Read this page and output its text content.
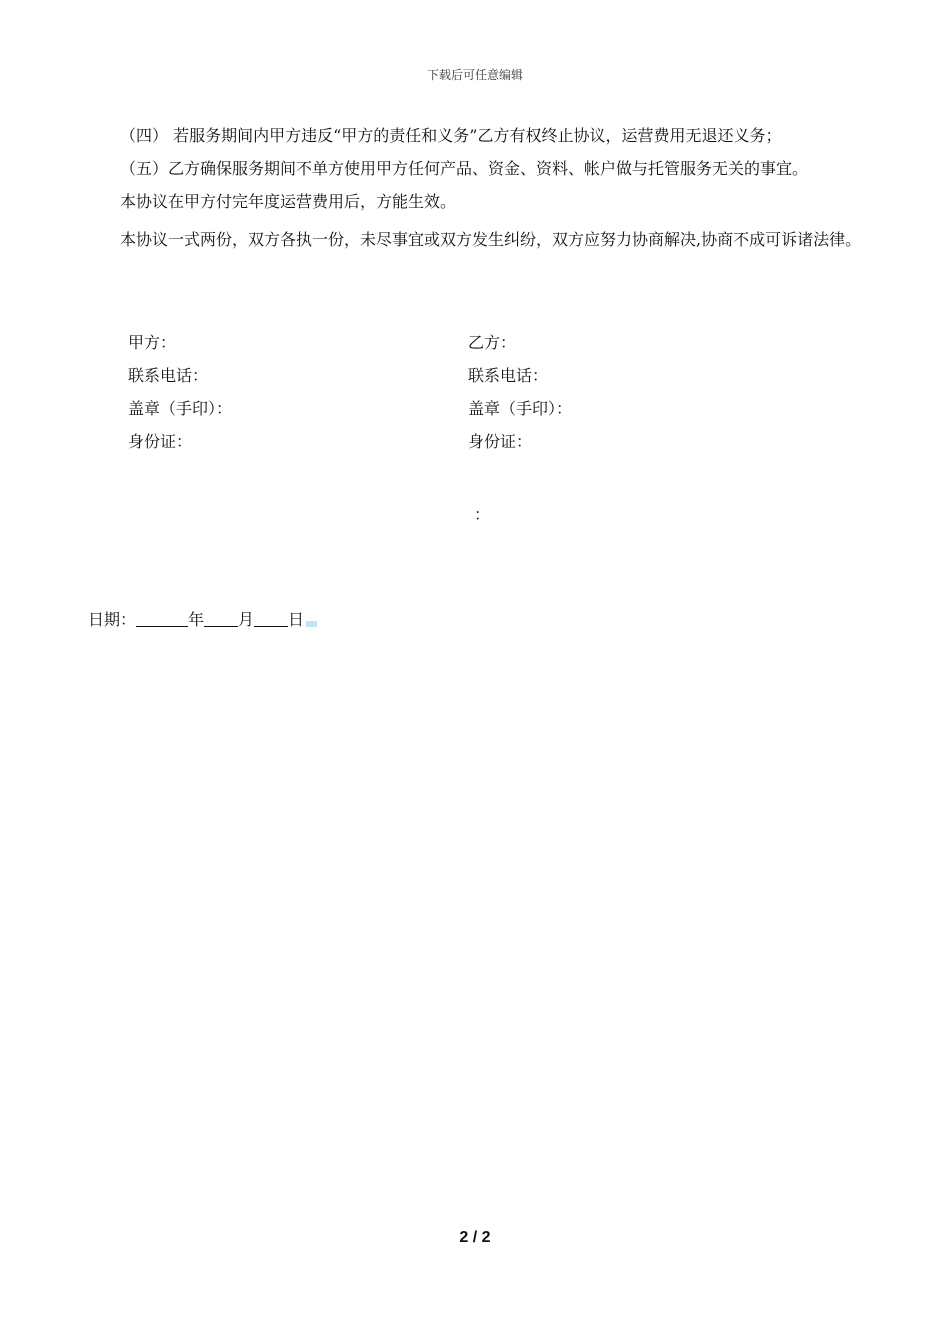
下载后可任意编辑
（四） 若服务期间内甲方违反“甲方的责任和义务”乙方有权终止协议，运营费用无退还义务；
（五）乙方确保服务期间不单方使用甲方任何产品、资金、资料、帐户做与托管服务无关的事宜。
本协议在甲方付完年度运营费用后，方能生效。
本协议一式两份，双方各执一份，未尽事宜或双方发生纠纷，双方应努力协商解决,协商不成可诉诸法律。
甲方：
联系电话：
盖章（手印）：
身份证：
乙方：
联系电话：
盖章（手印）：
身份证：
：
日期：	年 月 日
2 / 2
